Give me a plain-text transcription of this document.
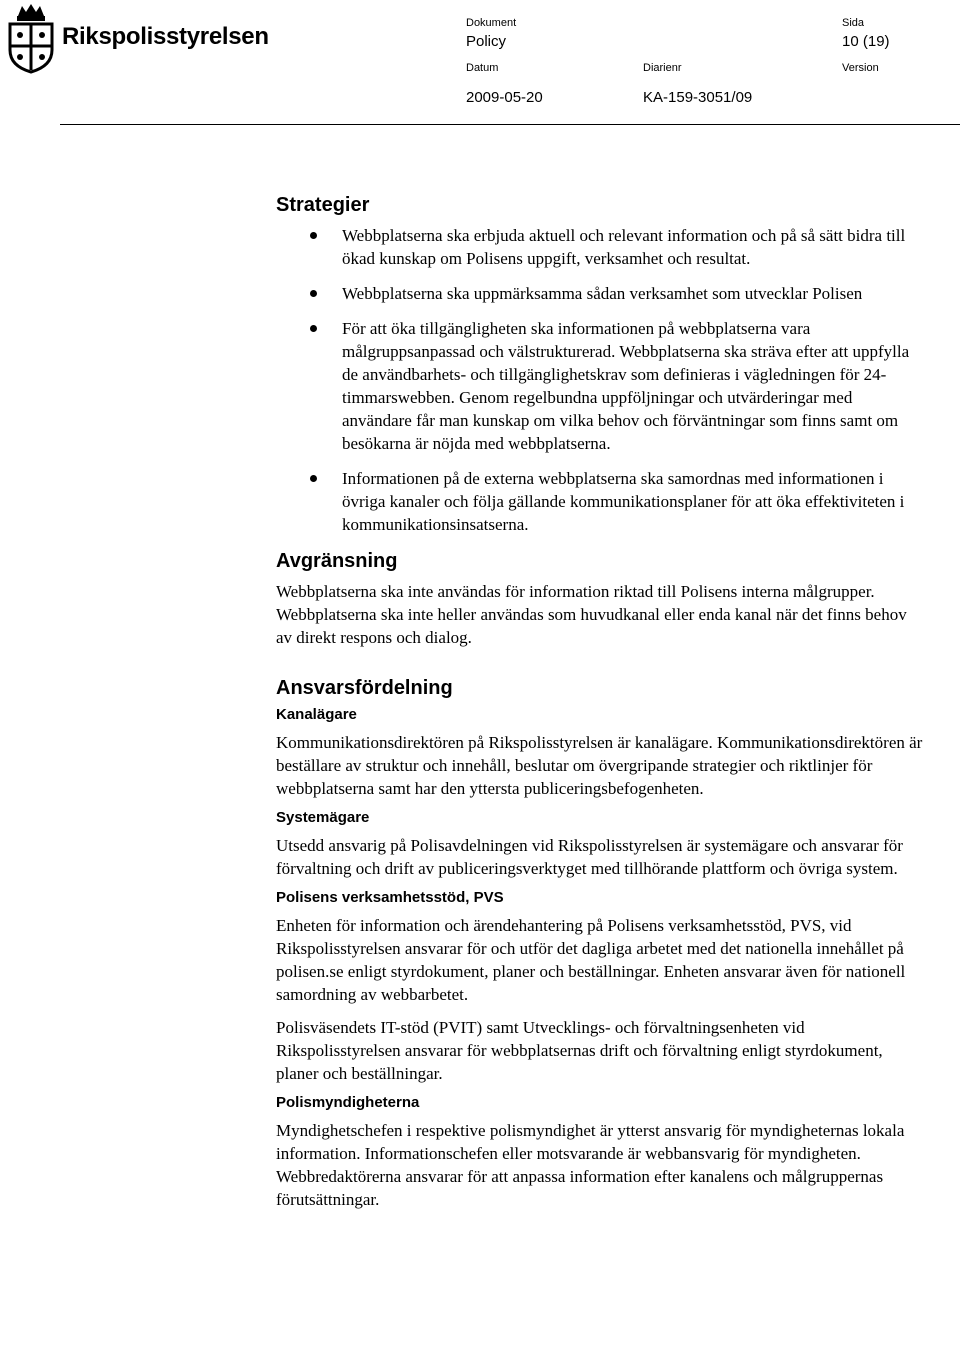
Rikspolisstyrelsen	Dokument	Sida
Policy	10 (19)
Datum	Diarienr	Version
2009-05-20	KA-159-3051/09
Strategier
Webbplatserna ska erbjuda aktuell och relevant information och på så sätt bidra till ökad kunskap om Polisens uppgift, verksamhet och resultat.
Webbplatserna ska uppmärksamma sådan verksamhet som utvecklar Polisen
För att öka tillgängligheten ska informationen på webbplatserna vara målgruppsanpassad och välstrukturerad. Webbplatserna ska sträva efter att uppfylla de användbarhets- och tillgänglighetskrav som definieras i vägledningen för 24-timmarswebben. Genom regelbundna uppföljningar och utvärderingar med användare får man kunskap om vilka behov och förväntningar som finns samt om besökarna är nöjda med webbplatserna.
Informationen på de externa webbplatserna ska samordnas med informationen i övriga kanaler och följa gällande kommunikationsplaner för att öka effektiviteten i kommunikationsinsatserna.
Avgränsning

Webbplatserna ska inte användas för information riktad till Polisens interna målgrupper. Webbplatserna ska inte heller användas som huvudkanal eller enda kanal när det finns behov av direkt respons och dialog.

Ansvarsfördelning
Kanalägare

Kommunikationsdirektören på Rikspolisstyrelsen är kanalägare. Kommunikationsdirektören är beställare av struktur och innehåll, beslutar om övergripande strategier och riktlinjer för webbplatserna samt har den yttersta publiceringsbefogenheten.

Systemägare

Utsedd ansvarig på Polisavdelningen vid Rikspolisstyrelsen är systemägare och ansvarar för förvaltning och drift av publiceringsverktyget med tillhörande plattform och övriga system.

Polisens verksamhetsstöd, PVS

Enheten för information och ärendehantering på Polisens verksamhetsstöd, PVS, vid Rikspolisstyrelsen ansvarar för och utför det dagliga arbetet med det nationella innehållet på polisen.se enligt styrdokument, planer och beställningar. Enheten ansvarar även för nationell samordning av webbarbetet.

Polisväsendets IT-stöd (PVIT) samt Utvecklings- och förvaltningsenheten vid Rikspolisstyrelsen ansvarar för webbplatsernas drift och förvaltning enligt styrdokument, planer och beställningar.

Polismyndigheterna

Myndighetschefen i respektive polismyndighet är ytterst ansvarig för myndigheternas lokala information. Informationschefen eller motsvarande är webbansvarig för myndigheten. Webbredaktörerna ansvarar för att anpassa information efter kanalens och målgruppernas förutsättningar.
